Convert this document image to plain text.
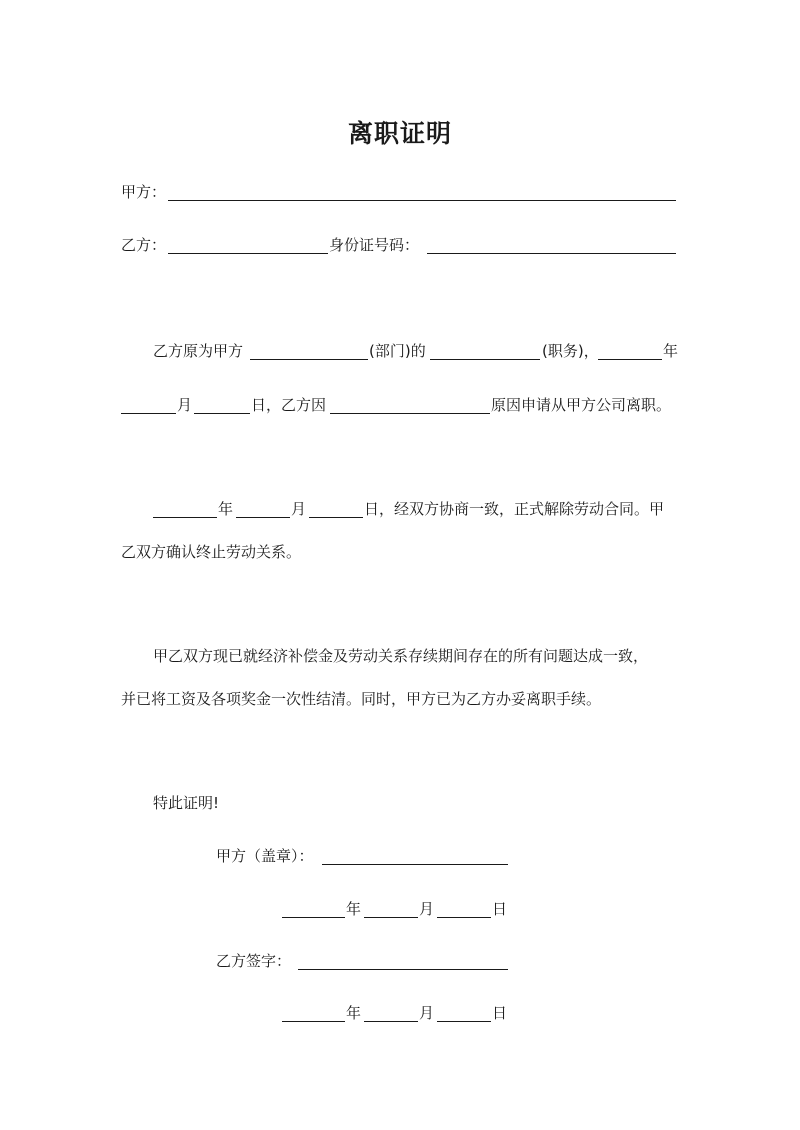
离职证明
甲方：
乙方：	身份证号码：
乙方原为甲方	(部门)的	(职务)，	年
月	日，乙方因	原因申请从甲方公司离职。
年	月	日，经双方协商一致，正式解除劳动合同。甲
乙双方确认终止劳动关系。
甲乙双方现已就经济补偿金及劳动关系存续期间存在的所有问题达成一致，
并已将工资及各项奖金一次性结清。同时，甲方已为乙方办妥离职手续。
特此证明!
甲方（盖章）：
年	月	日
乙方签字：
年	月	日
